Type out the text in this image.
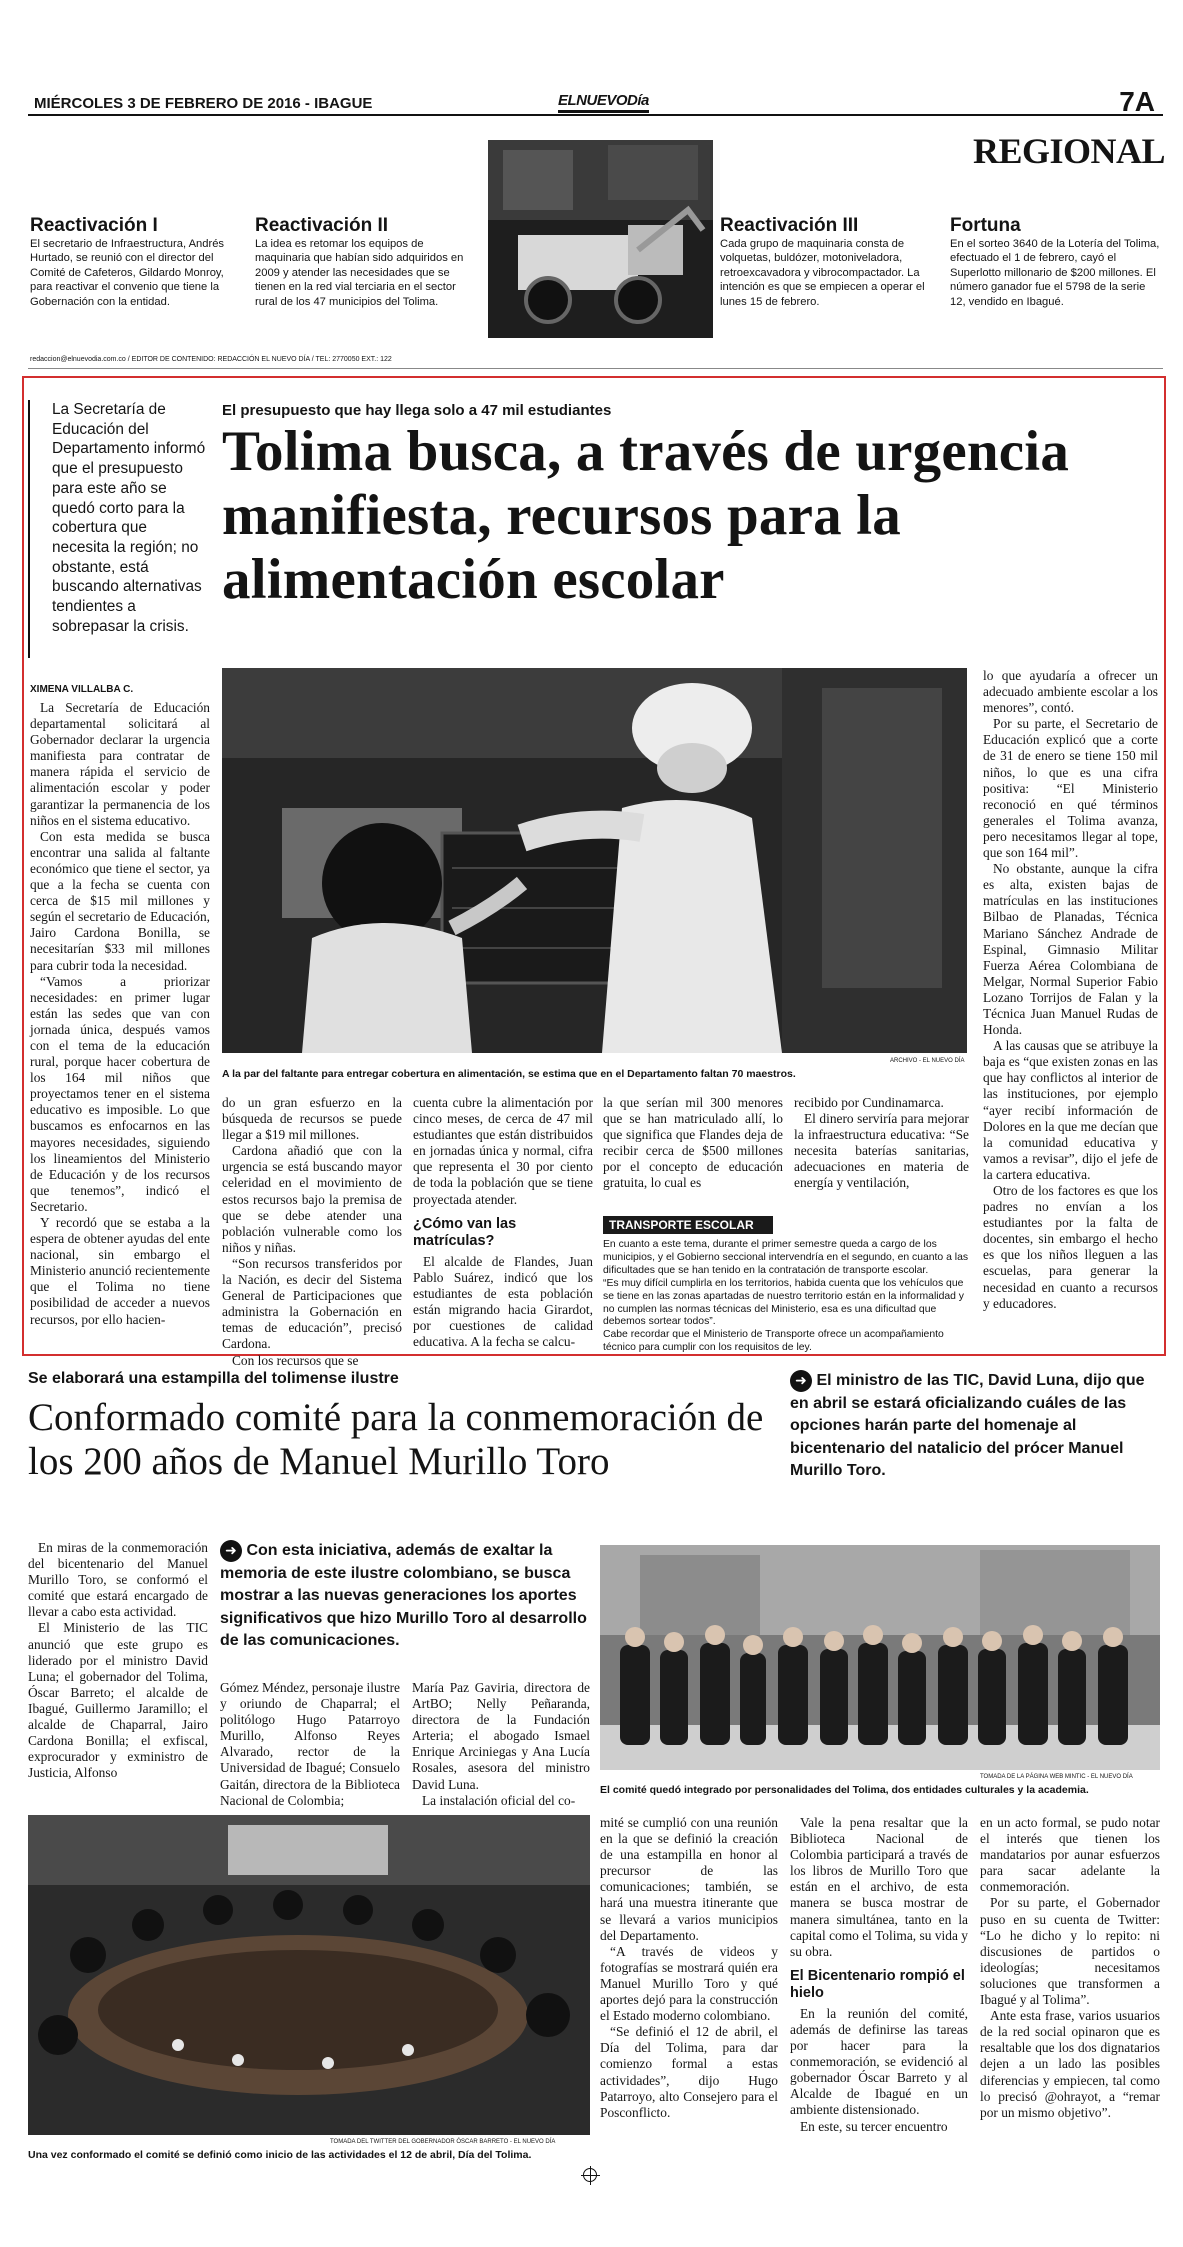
MIÉRCOLES 3 DE FEBRERO DE 2016 - IBAGUE	ELNUEVODía	7A
REGIONAL
Reactivación I
El secretario de Infraestructura, Andrés Hurtado, se reunió con el director del Comité de Cafeteros, Gildardo Monroy, para reactivar el convenio que tiene la Gobernación con la entidad.
Reactivación II
La idea es retomar los equipos de maquinaria que habían sido adquiridos en 2009 y atender las necesidades que se tienen en la red vial terciaria en el sector rural de los 47 municipios del Tolima.
Reactivación III
Cada grupo de maquinaria consta de volquetas, buldózer, motoniveladora, retroexcavadora y vibrocompactador. La intención es que se empiecen a operar el lunes 15 de febrero.
Fortuna
En el sorteo 3640 de la Lotería del Tolima, efectuado el 1 de febrero, cayó el Superlotto millonario de $200 millones. El número ganador fue el 5798 de la serie 12, vendido en Ibagué.
redaccion@elnuevodia.com.co / EDITOR DE CONTENIDO: REDACCIÓN EL NUEVO DÍA / TEL: 2770050 EXT.: 122
La Secretaría de Educación del Departamento informó que el presupuesto para este año se quedó corto para la cobertura que necesita la región; no obstante, está buscando alternativas tendientes a sobrepasar la crisis.
El presupuesto que hay llega solo a 47 mil estudiantes
Tolima busca, a través de urgencia manifiesta, recursos para la alimentación escolar
XIMENA VILLALBA C.

La Secretaría de Educación departamental solicitará al Gobernador declarar la urgencia manifiesta para contratar de manera rápida el servicio de alimentación escolar y poder garantizar la permanencia de los niños en el sistema educativo.

Con esta medida se busca encontrar una salida al faltante económico que tiene el sector, ya que a la fecha se cuenta con cerca de $15 mil millones y según el secretario de Educación, Jairo Cardona Bonilla, se necesitarían $33 mil millones para cubrir toda la necesidad.

“Vamos a priorizar necesidades: en primer lugar están las sedes que van con jornada única, después vamos con el tema de la educación rural, porque hacer cobertura de los 164 mil niños que proyectamos tener en el sistema educativo es imposible. Lo que buscamos es enfocarnos en las mayores necesidades, siguiendo los lineamientos del Ministerio de Educación y de los recursos que tenemos”, indicó el Secretario.

Y recordó que se estaba a la espera de obtener ayudas del ente nacional, sin embargo el Ministerio anunció recientemente que el Tolima no tiene posibilidad de acceder a nuevos recursos, por ello hacien-

ARCHIVO - EL NUEVO DÍA
A la par del faltante para entregar cobertura en alimentación, se estima que en el Departamento faltan 70 maestros.

do un gran esfuerzo en la búsqueda de recursos se puede llegar a $19 mil millones.

Cardona añadió que con la urgencia se está buscando mayor celeridad en el movimiento de estos recursos bajo la premisa de que se debe atender una población vulnerable como los niños y niñas.

“Son recursos transferidos por la Nación, es decir del Sistema General de Participaciones que administra la Gobernación en temas de educación”, precisó Cardona.

Con los recursos que se

cuenta cubre la alimentación por cinco meses, de cerca de 47 mil estudiantes que están distribuidos en jornadas única y normal, cifra que representa el 30 por ciento de toda la población que se tiene proyectada atender.

¿Cómo van las matrículas?

El alcalde de Flandes, Juan Pablo Suárez, indicó que los estudiantes de esta población están migrando hacia Girardot, por cuestiones de calidad educativa. A la fecha se calcu-

la que serían mil 300 menores que se han matriculado allí, lo que significa que Flandes deja de recibir cerca de $500 millones por el concepto de educación gratuita, lo cual es

recibido por Cundinamarca.

El dinero serviría para mejorar la infraestructura educativa: “Se necesita baterías sanitarias, adecuaciones en materia de energía y ventilación,

TRANSPORTE ESCOLAR

En cuanto a este tema, durante el primer semestre queda a cargo de los municipios, y el Gobierno seccional intervendría en el segundo, en cuanto a las dificultades que se han tenido en la contratación de transporte escolar.

“Es muy difícil cumplirla en los territorios, habida cuenta que los vehículos que se tiene en las zonas apartadas de nuestro territorio están en la informalidad y no cumplen las normas técnicas del Ministerio, esa es una dificultad que debemos sortear todos”.

Cabe recordar que el Ministerio de Transporte ofrece un acompañamiento técnico para cumplir con los requisitos de ley.

lo que ayudaría a ofrecer un adecuado ambiente escolar a los menores”, contó.

Por su parte, el Secretario de Educación explicó que a corte de 31 de enero se tiene 150 mil niños, lo que es una cifra positiva: “El Ministerio reconoció en qué términos generales el Tolima avanza, pero necesitamos llegar al tope, que son 164 mil”.

No obstante, aunque la cifra es alta, existen bajas de matrículas en las instituciones Bilbao de Planadas, Técnica Mariano Sánchez Andrade de Espinal, Gimnasio Militar Fuerza Aérea Colombiana de Melgar, Normal Superior Fabio Lozano Torrijos de Falan y la Técnica Juan Manuel Rudas de Honda.

A las causas que se atribuye la baja es “que existen zonas en las que hay conflictos al interior de las instituciones, por ejemplo “ayer recibí información de Dolores en la que me decían que la comunidad educativa y vamos a revisar”, dijo el jefe de la cartera educativa.

Otro de los factores es que los padres no envían a los estudiantes por la falta de docentes, sin embargo el hecho es que los niños lleguen a las escuelas, para generar la necesidad en cuanto a recursos y educadores.

Se elaborará una estampilla del tolimense ilustre
Conformado comité para la conmemoración de los 200 años de Manuel Murillo Toro
➜ El ministro de las TIC, David Luna, dijo que en abril se estará oficializando cuáles de las opciones harán parte del homenaje al bicentenario del natalicio del prócer Manuel Murillo Toro.

En miras de la conmemoración del bicentenario del Manuel Murillo Toro, se conformó el comité que estará encargado de llevar a cabo esta actividad.

El Ministerio de las TIC anunció que este grupo es liderado por el ministro David Luna; el gobernador del Tolima, Óscar Barreto; el alcalde de Ibagué, Guillermo Jaramillo; el alcalde de Chaparral, Jairo Cardona Bonilla; el exfiscal, exprocurador y exministro de Justicia, Alfonso

➜ Con esta iniciativa, además de exaltar la memoria de este ilustre colombiano, se busca mostrar a las nuevas generaciones los aportes significativos que hizo Murillo Toro al desarrollo de las comunicaciones.

Gómez Méndez, personaje ilustre y oriundo de Chaparral; el politólogo Hugo Patarroyo Murillo, Alfonso Reyes Alvarado, rector de la Universidad de Ibagué; Consuelo Gaitán, directora de la Biblioteca Nacional de Colombia;

María Paz Gaviria, directora de ArtBO; Nelly Peñaranda, directora de la Fundación Arteria; el abogado Ismael Enrique Arciniegas y Ana Lucía Rosales, asesora del ministro David Luna.

La instalación oficial del co-

TOMADA DE LA PÁGINA WEB MINTIC - EL NUEVO DÍA
El comité quedó integrado por personalidades del Tolima, dos entidades culturales y la academia.
TOMADA DEL TWITTER DEL GOBERNADOR ÓSCAR BARRETO - EL NUEVO DÍA
Una vez conformado el comité se definió como inicio de las actividades el 12 de abril, Día del Tolima.

mité se cumplió con una reunión en la que se definió la creación de una estampilla en honor al precursor de las comunicaciones; también, se hará una muestra itinerante que se llevará a varios municipios del Departamento.

“A través de videos y fotografías se mostrará quién era Manuel Murillo Toro y qué aportes dejó para la construcción el Estado moderno colombiano.

“Se definió el 12 de abril, el Día del Tolima, para dar comienzo formal a estas actividades”, dijo Hugo Patarroyo, alto Consejero para el Posconflicto.

Vale la pena resaltar que la Biblioteca Nacional de Colombia participará a través de los libros de Murillo Toro que están en el archivo, de esta manera se busca mostrar de manera simultánea, tanto en la capital como el Tolima, su vida y su obra.

El Bicentenario rompió el hielo

En la reunión del comité, además de definirse las tareas por hacer para la conmemoración, se evidenció al gobernador Óscar Barreto y al Alcalde de Ibagué en un ambiente distensionado.

En este, su tercer encuentro

en un acto formal, se pudo notar el interés que tienen los mandatarios por aunar esfuerzos para sacar adelante la conmemoración.

Por su parte, el Gobernador puso en su cuenta de Twitter: “Lo he dicho y lo repito: ni discusiones de partidos o ideologías; necesitamos soluciones que transformen a Ibagué y al Tolima”.

Ante esta frase, varios usuarios de la red social opinaron que es resaltable que los dos dignatarios dejen a un lado las posibles diferencias y empiecen, tal como lo precisó @ohrayot, a “remar por un mismo objetivo”.
